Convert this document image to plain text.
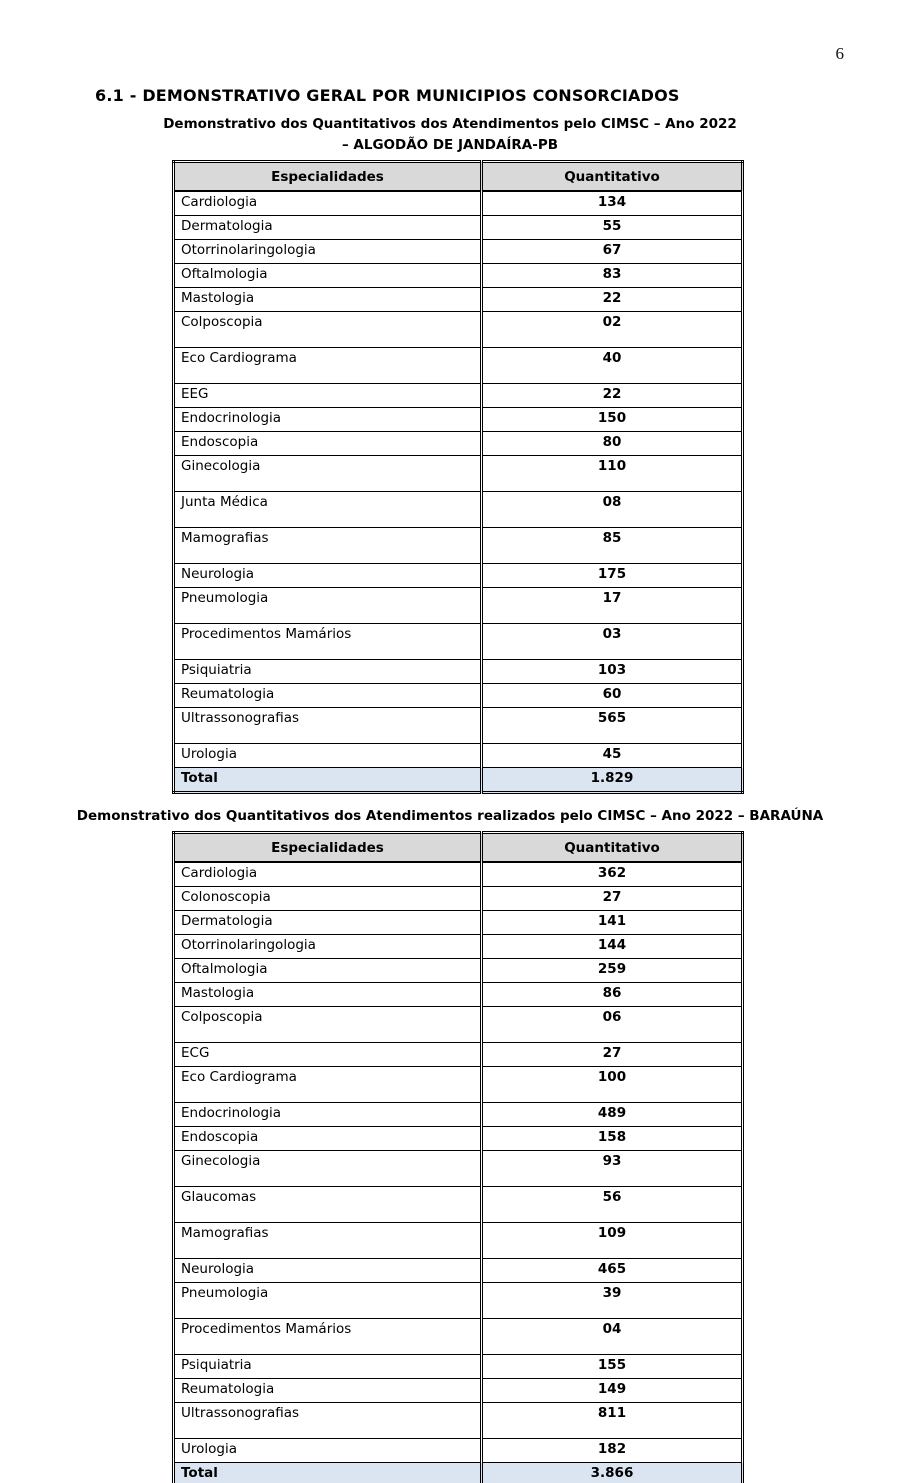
6
6.1 - DEMONSTRATIVO GERAL POR MUNICIPIOS CONSORCIADOS
Demonstrativo dos Quantitativos dos Atendimentos pelo CIMSC – Ano 2022
– ALGODÃO DE JANDAÍRA-PB
Especialidades	Quantitativo
Cardiologia	134
Dermatologia	55
Otorrinolaringologia	67
Oftalmologia	83
Mastologia	22
Colposcopia	02
Eco Cardiograma	40
EEG	22
Endocrinologia	150
Endoscopia	80
Ginecologia	110
Junta Médica	08
Mamografias	85
Neurologia	175
Pneumologia	17
Procedimentos Mamários	03
Psiquiatria	103
Reumatologia	60
Ultrassonografias	565
Urologia	45
Total	1.829
Demonstrativo dos Quantitativos dos Atendimentos realizados pelo CIMSC – Ano 2022 – BARAÚNA
Especialidades	Quantitativo
Cardiologia	362
Colonoscopia	27
Dermatologia	141
Otorrinolaringologia	144
Oftalmologia	259
Mastologia	86
Colposcopia	06
ECG	27
Eco Cardiograma	100
Endocrinologia	489
Endoscopia	158
Ginecologia	93
Glaucomas	56
Mamografias	109
Neurologia	465
Pneumologia	39
Procedimentos Mamários	04
Psiquiatria	155
Reumatologia	149
Ultrassonografias	811
Urologia	182
Total	3.866
